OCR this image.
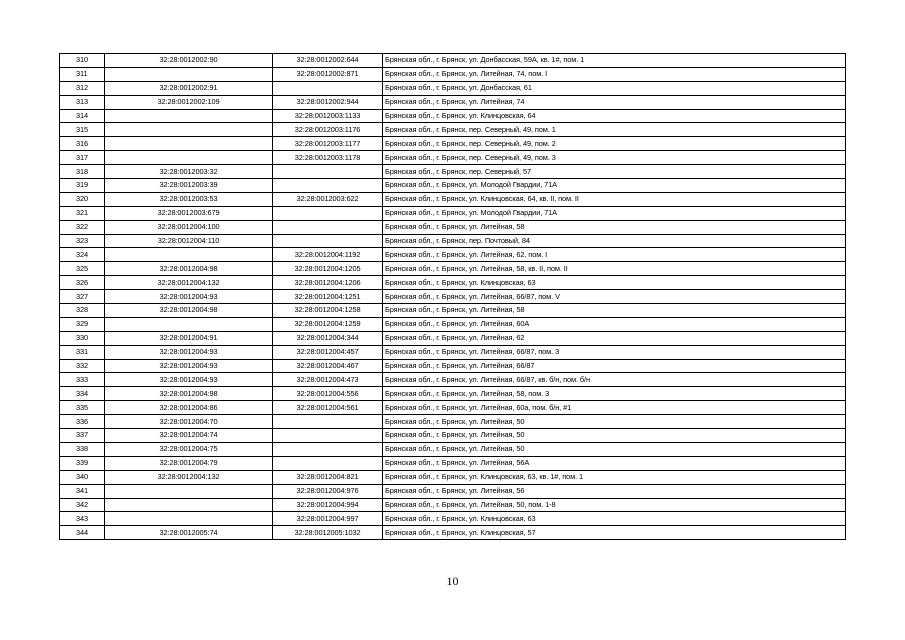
310	32:28:0012002:90	32:28:0012002:644	Брянская обл., г. Брянск, ул. Донбасская, 59А, кв. 1#, пом. 1
311		32:28:0012002:871	Брянская обл., г. Брянск, ул. Литейная, 74, пом. I
312	32:28:0012002:91		Брянская обл., г. Брянск, ул. Донбасская, 61
313	32:28:0012002:109	32:28:0012002:944	Брянская обл., г. Брянск, ул. Литейная, 74
314		32:28:0012003:1133	Брянская обл., г. Брянск, ул. Клинцовская, 64
315		32:28:0012003:1176	Брянская обл., г. Брянск, пер. Северный, 49, пом. 1
316		32:28:0012003:1177	Брянская обл., г. Брянск, пер. Северный, 49, пом. 2
317		32:28:0012003:1178	Брянская обл., г. Брянск, пер. Северный, 49, пом. 3
318	32:28:0012003:32		Брянская обл., г. Брянск, пер. Северный, 57
319	32:28:0012003:39		Брянская обл., г. Брянск, ул. Молодой Гвардии, 71А
320	32:28:0012003:53	32:28:0012003:622	Брянская обл., г. Брянск, ул. Клинцовская, 64, кв. II, пом. II
321	32:28:0012003:679		Брянская обл., г. Брянск, ул. Молодой Гвардии, 71А
322	32:28:0012004:100		Брянская обл., г. Брянск, ул. Литейная, 58
323	32:28:0012004:110		Брянская обл., г. Брянск, пер. Почтовый, 84
324		32:28:0012004:1192	Брянская обл., г. Брянск, ул. Литейная, 62, пом. I
325	32:28:0012004:98	32:28:0012004:1205	Брянская обл., г. Брянск, ул. Литейная, 58, кв. II, пом. II
326	32:28:0012004:132	32:28:0012004:1206	Брянская обл., г. Брянск, ул. Клинцовская, 63
327	32:28:0012004:93	32:28:0012004:1251	Брянская обл., г. Брянск, ул. Литейная, 66/87, пом. V
328	32:28:0012004:98	32:28:0012004:1258	Брянская обл., г. Брянск, ул. Литейная, 58
329		32:28:0012004:1259	Брянская обл., г. Брянск, ул. Литейная, 60А
330	32:28:0012004:91	32:28:0012004:344	Брянская обл., г. Брянск, ул. Литейная, 62
331	32:28:0012004:93	32:28:0012004:457	Брянская обл., г. Брянск, ул. Литейная, 66/87, пом. 3
332	32:28:0012004:93	32:28:0012004:467	Брянская обл., г. Брянск, ул. Литейная, 66/87
333	32:28:0012004:93	32:28:0012004:473	Брянская обл., г. Брянск, ул. Литейная, 66/87, кв. б/н, пом. б/н
334	32:28:0012004:98	32:28:0012004:556	Брянская обл., г. Брянск, ул. Литейная, 58, пом. 3
335	32:28:0012004:86	32:28:0012004:561	Брянская обл., г. Брянск, ул. Литейная, 60а, пом. б/н, #1
336	32:28:0012004:70		Брянская обл., г. Брянск, ул. Литейная, 50
337	32:28:0012004:74		Брянская обл., г. Брянск, ул. Литейная, 50
338	32:28:0012004:75		Брянская обл., г. Брянск, ул. Литейная, 50
339	32:28:0012004:79		Брянская обл., г. Брянск, ул. Литейная, 56А
340	32:28:0012004:132	32:28:0012004:821	Брянская обл., г. Брянск, ул. Клинцовская, 63, кв. 1#, пом. 1
341		32:28:0012004:976	Брянская обл., г. Брянск, ул. Литейная, 56
342		32:28:0012004:994	Брянская обл., г. Брянск, ул. Литейная, 50, пом. 1-8
343		32:28:0012004:997	Брянская обл., г. Брянск, ул. Клинцовская, 63
344	32:28:0012005:74	32:28:0012005:1032	Брянская обл., г. Брянск, ул. Клинцовская, 57
10
